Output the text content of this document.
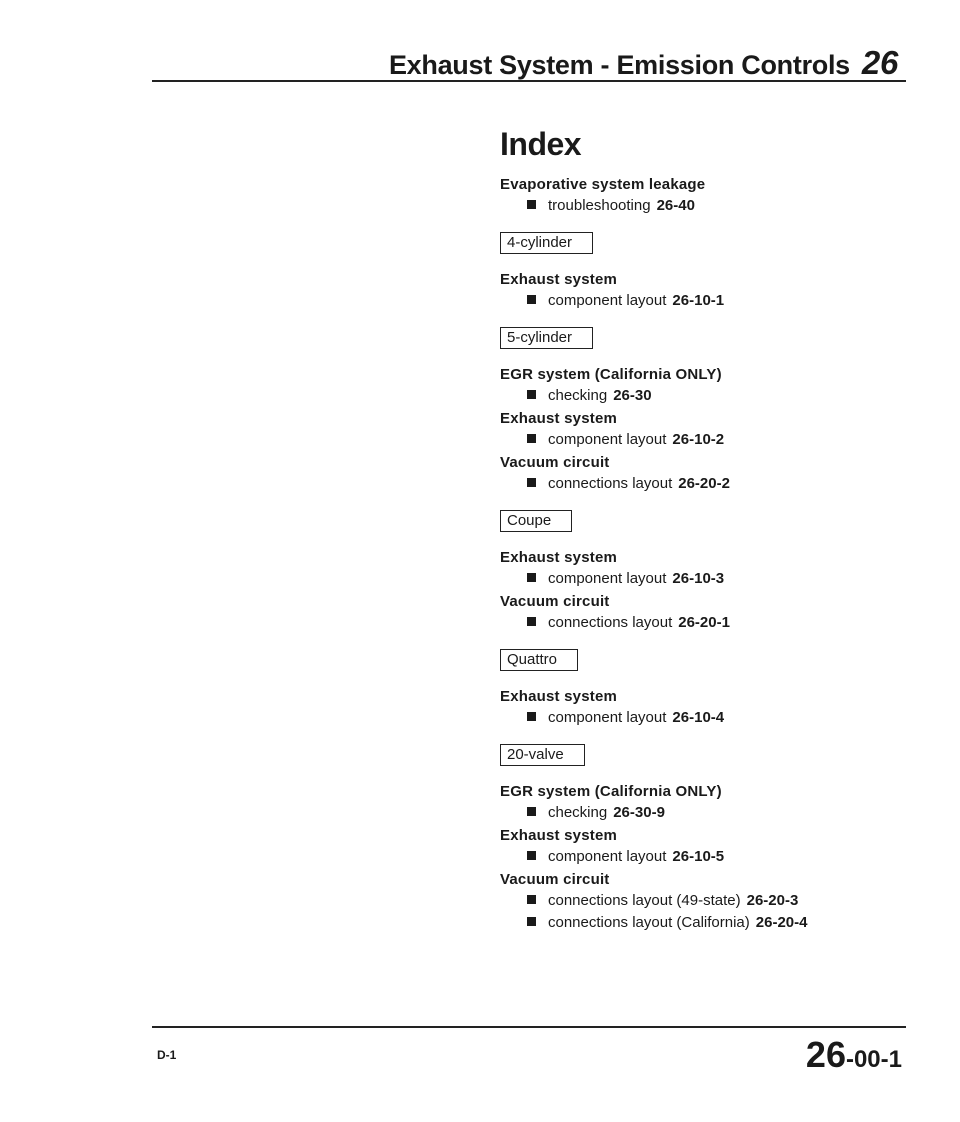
Exhaust System - Emission Controls 26
Index
Evaporative system leakage
troubleshooting 26-40
4-cylinder
Exhaust system
component layout 26-10-1
5-cylinder
EGR system (California ONLY)
checking 26-30
Exhaust system
component layout 26-10-2
Vacuum circuit
connections layout 26-20-2
Coupe
Exhaust system
component layout 26-10-3
Vacuum circuit
connections layout 26-20-1
Quattro
Exhaust system
component layout 26-10-4
20-valve
EGR system (California ONLY)
checking 26-30-9
Exhaust system
component layout 26-10-5
Vacuum circuit
connections layout (49-state) 26-20-3
connections layout (California) 26-20-4
D-1	26-00-1
